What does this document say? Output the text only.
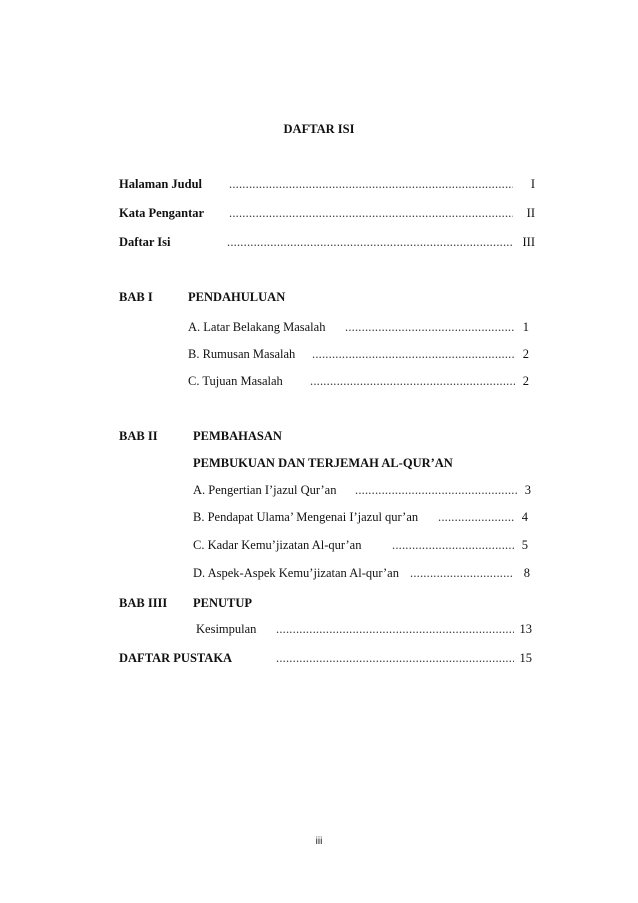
DAFTAR ISI
Halaman Judul .....	I
Kata Pengantar .....	II
Daftar Isi .....	III
BAB I	PENDAHULUAN
A. Latar Belakang Masalah .....	1
B. Rumusan Masalah .....	2
C. Tujuan Masalah .....	2
BAB II	PEMBAHASAN
PEMBUKUAN DAN TERJEMAH AL-QUR’AN
A. Pengertian I’jazul Qur’an .....	3
B. Pendapat Ulama’ Mengenai I’jazul qur’an .....	4
C. Kadar Kemu’jizatan Al-qur’an .....	5
D. Aspek-Aspek Kemu’jizatan Al-qur’an .....	8
BAB IIII PENUTUP
Kesimpulan .....	13
DAFTAR PUSTAKA .....	15
iii
